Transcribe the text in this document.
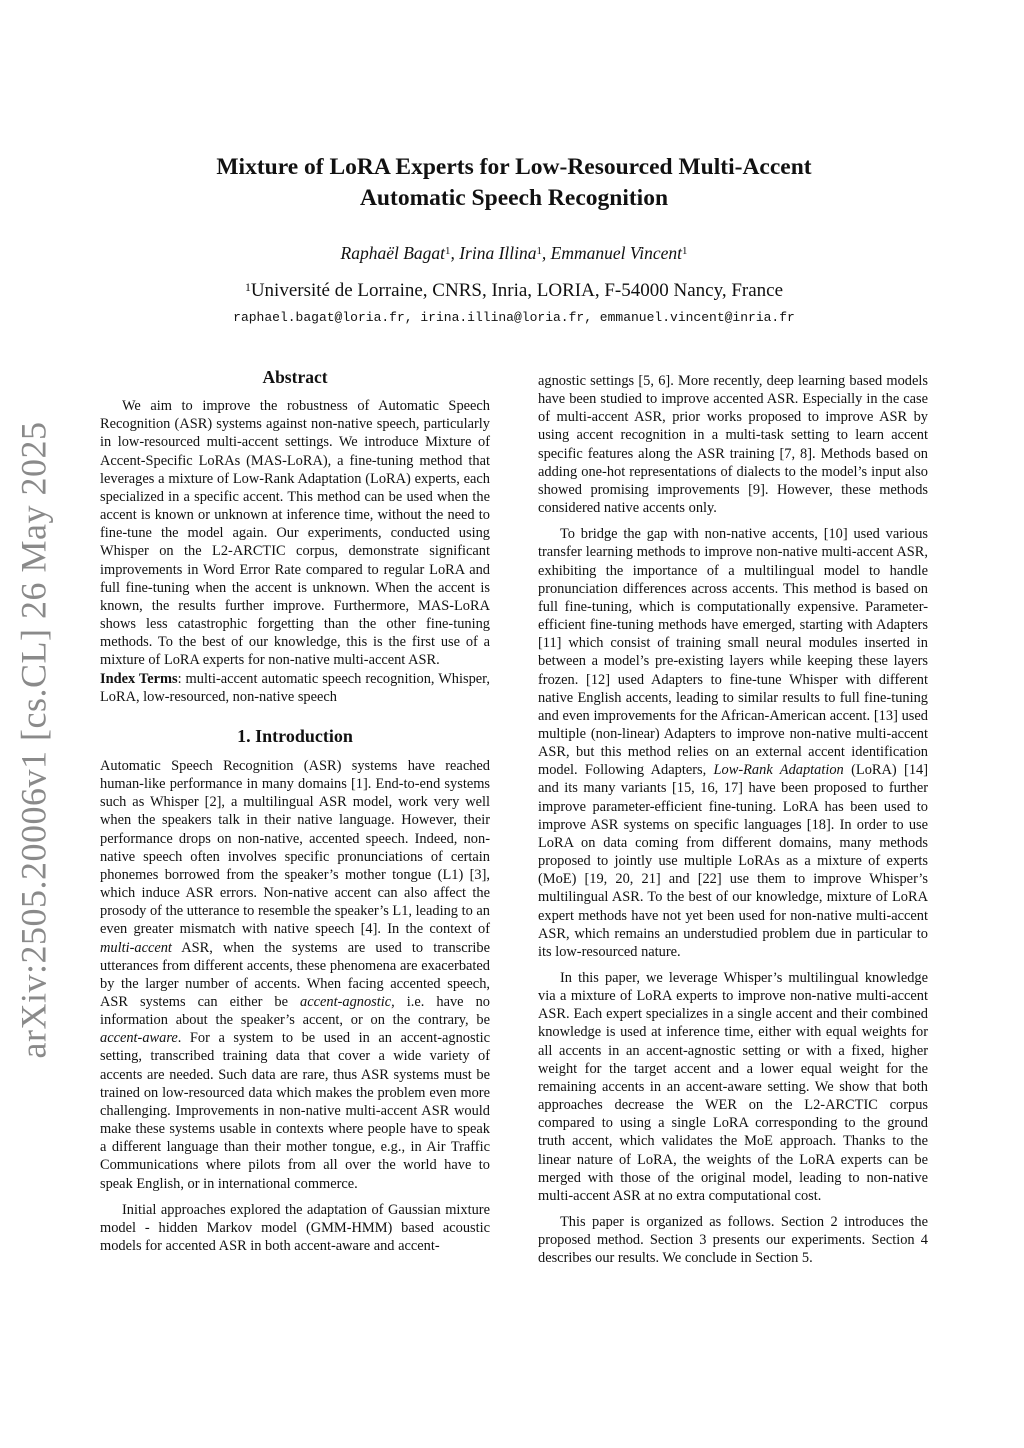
arXiv:2505.20006v1 [cs.CL] 26 May 2025
Mixture of LoRA Experts for Low-Resourced Multi-Accent
Automatic Speech Recognition
Raphaël Bagat$^1$, Irina Illina$^1$, Emmanuel Vincent$^1$
$^1$Université de Lorraine, CNRS, Inria, LORIA, F-54000 Nancy, France
raphael.bagat@loria.fr, irina.illina@loria.fr, emmanuel.vincent@inria.fr
Abstract

We aim to improve the robustness of Automatic Speech Recognition (ASR) systems against non-native speech, particularly in low-resourced multi-accent settings. We introduce Mixture of Accent-Specific LoRAs (MAS-LoRA), a fine-tuning method that leverages a mixture of Low-Rank Adaptation (LoRA) experts, each specialized in a specific accent. This method can be used when the accent is known or unknown at inference time, without the need to fine-tune the model again. Our experiments, conducted using Whisper on the L2-ARCTIC corpus, demonstrate significant improvements in Word Error Rate compared to regular LoRA and full fine-tuning when the accent is unknown. When the accent is known, the results further improve. Furthermore, MAS-LoRA shows less catastrophic forgetting than the other fine-tuning methods. To the best of our knowledge, this is the first use of a mixture of LoRA experts for non-native multi-accent ASR.

Index Terms: multi-accent automatic speech recognition, Whisper, LoRA, low-resourced, non-native speech

1. Introduction

Automatic Speech Recognition (ASR) systems have reached human-like performance in many domains [1]. End-to-end systems such as Whisper [2], a multilingual ASR model, work very well when the speakers talk in their native language. However, their performance drops on non-native, accented speech. Indeed, non-native speech often involves specific pronunciations of certain phonemes borrowed from the speaker’s mother tongue (L1) [3], which induce ASR errors. Non-native accent can also affect the prosody of the utterance to resemble the speaker’s L1, leading to an even greater mismatch with native speech [4]. In the context of multi-accent ASR, when the systems are used to transcribe utterances from different accents, these phenomena are exacerbated by the larger number of accents. When facing accented speech, ASR systems can either be accent-agnostic, i.e. have no information about the speaker’s accent, or on the contrary, be accent-aware. For a system to be used in an accent-agnostic setting, transcribed training data that cover a wide variety of accents are needed. Such data are rare, thus ASR systems must be trained on low-resourced data which makes the problem even more challenging. Improvements in non-native multi-accent ASR would make these systems usable in contexts where people have to speak a different language than their mother tongue, e.g., in Air Traffic Communications where pilots from all over the world have to speak English, or in international commerce.

Initial approaches explored the adaptation of Gaussian mixture model - hidden Markov model (GMM-HMM) based acoustic models for accented ASR in both accent-aware and accent-

agnostic settings [5, 6]. More recently, deep learning based models have been studied to improve accented ASR. Especially in the case of multi-accent ASR, prior works proposed to improve ASR by using accent recognition in a multi-task setting to learn accent specific features along the ASR training [7, 8]. Methods based on adding one-hot representations of dialects to the model’s input also showed promising improvements [9]. However, these methods considered native accents only.

To bridge the gap with non-native accents, [10] used various transfer learning methods to improve non-native multi-accent ASR, exhibiting the importance of a multilingual model to handle pronunciation differences across accents. This method is based on full fine-tuning, which is computationally expensive. Parameter-efficient fine-tuning methods have emerged, starting with Adapters [11] which consist of training small neural modules inserted in between a model’s pre-existing layers while keeping these layers frozen. [12] used Adapters to fine-tune Whisper with different native English accents, leading to similar results to full fine-tuning and even improvements for the African-American accent. [13] used multiple (non-linear) Adapters to improve non-native multi-accent ASR, but this method relies on an external accent identification model. Following Adapters, Low-Rank Adaptation (LoRA) [14] and its many variants [15, 16, 17] have been proposed to further improve parameter-efficient fine-tuning. LoRA has been used to improve ASR systems on specific languages [18]. In order to use LoRA on data coming from different domains, many methods proposed to jointly use multiple LoRAs as a mixture of experts (MoE) [19, 20, 21] and [22] use them to improve Whisper’s multilingual ASR. To the best of our knowledge, mixture of LoRA expert methods have not yet been used for non-native multi-accent ASR, which remains an understudied problem due in particular to its low-resourced nature.

In this paper, we leverage Whisper’s multilingual knowledge via a mixture of LoRA experts to improve non-native multi-accent ASR. Each expert specializes in a single accent and their combined knowledge is used at inference time, either with equal weights for all accents in an accent-agnostic setting or with a fixed, higher weight for the target accent and a lower equal weight for the remaining accents in an accent-aware setting. We show that both approaches decrease the WER on the L2-ARCTIC corpus compared to using a single LoRA corresponding to the ground truth accent, which validates the MoE approach. Thanks to the linear nature of LoRA, the weights of the LoRA experts can be merged with those of the original model, leading to non-native multi-accent ASR at no extra computational cost.

This paper is organized as follows. Section 2 introduces the proposed method. Section 3 presents our experiments. Section 4 describes our results. We conclude in Section 5.
